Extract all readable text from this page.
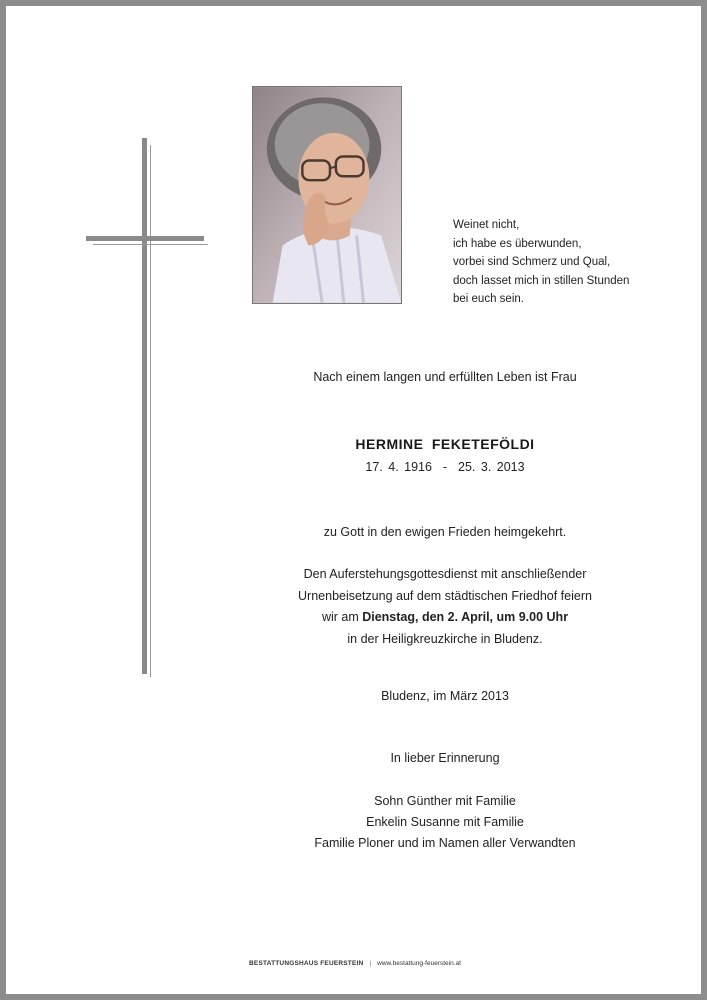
Weinet nicht,
ich habe es überwunden,
vorbei sind Schmerz und Qual,
doch lasset mich in stillen Stunden
bei euch sein.
Nach einem langen und erfüllten Leben ist Frau
HERMINE FEKETEFÖLDI
17. 4. 1916  -  25. 3. 2013
zu Gott in den ewigen Frieden heimgekehrt.
Den Auferstehungsgottesdienst mit anschließender
Urnenbeisetzung auf dem städtischen Friedhof feiern
wir am Dienstag, den 2. April, um 9.00 Uhr
in der Heiligkreuzkirche in Bludenz.
Bludenz, im März 2013
In lieber Erinnerung
Sohn Günther mit Familie
Enkelin Susanne mit Familie
Familie Ploner und im Namen aller Verwandten
BESTATTUNGSHAUS FEUERSTEIN | www.bestattung-feuerstein.at
